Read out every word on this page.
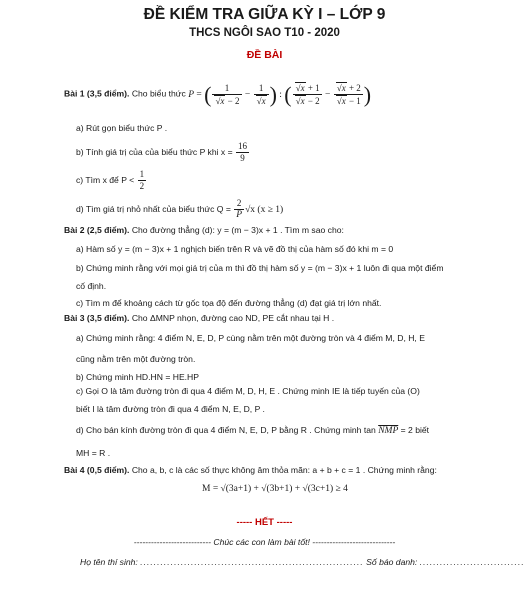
ĐỀ KIỂM TRA GIỮA KỲ I – LỚP 9
THCS NGÔI SAO T10 - 2020
ĐỀ BÀI
Bài 1 (3,5 điểm). Cho biểu thức P = ( $\frac{1}{√x - 2} - \frac{1}{√x}$ ) : ( $\frac{√x + 1}{√x - 2} - \frac{√x + 2}{√x - 1}$ )
a) Rút gọn biểu thức P .
b) Tính giá trị của của biểu thức P khi $x = \frac{16}{9}$
c) Tìm x để $P < \frac{1}{2}$
d) Tìm giá trị nhỏ nhất của biểu thức $Q = \frac{2}{P} √x$ (x ≥ 1)
Bài 2 (2,5 điểm). Cho đường thẳng (d): y = (m − 3)x + 1 . Tìm m sao cho:
a) Hàm số y = (m − 3)x + 1 nghịch biến trên R và vẽ đồ thị của hàm số đó khi m = 0
b) Chứng minh rằng với mọi giá trị của m thì đồ thị hàm số y = (m − 3)x + 1 luôn đi qua một điểm
cố định.
c) Tìm m để khoảng cách từ gốc tọa độ đến đường thẳng (d) đạt giá trị lớn nhất.
Bài 3 (3,5 điểm). Cho ΔMNP nhọn, đường cao ND, PE cắt nhau tại H .
a) Chứng minh rằng: 4 điểm N, E, D, P cùng nằm trên một đường tròn và 4 điểm M, D, H, E
cũng nằm trên một đường tròn.
b) Chứng minh HD.HN = HE.HP
c) Gọi O là tâm đường tròn đi qua 4 điểm M, D, H, E . Chứng minh IE là tiếp tuyến của (O)
biết I là tâm đường tròn đi qua 4 điểm N, E, D, P .
d) Cho bán kính đường tròn đi qua 4 điểm N, E, D, P bằng R . Chứng minh $\tan \overline{NMP} = 2$ biết
MH = R .
Bài 4 (0,5 điểm). Cho a, b, c là các số thực không âm thỏa mãn: a + b + c = 1 . Chứng minh rằng:
M = √(3a+1) + √(3b+1) + √(3c+1) ≥ 4
----- HẾT -----
--------------------------- Chúc các con làm bài tốt! -----------------------------
Họ tên thí sinh: .................................................................. Số báo danh: ...............................
